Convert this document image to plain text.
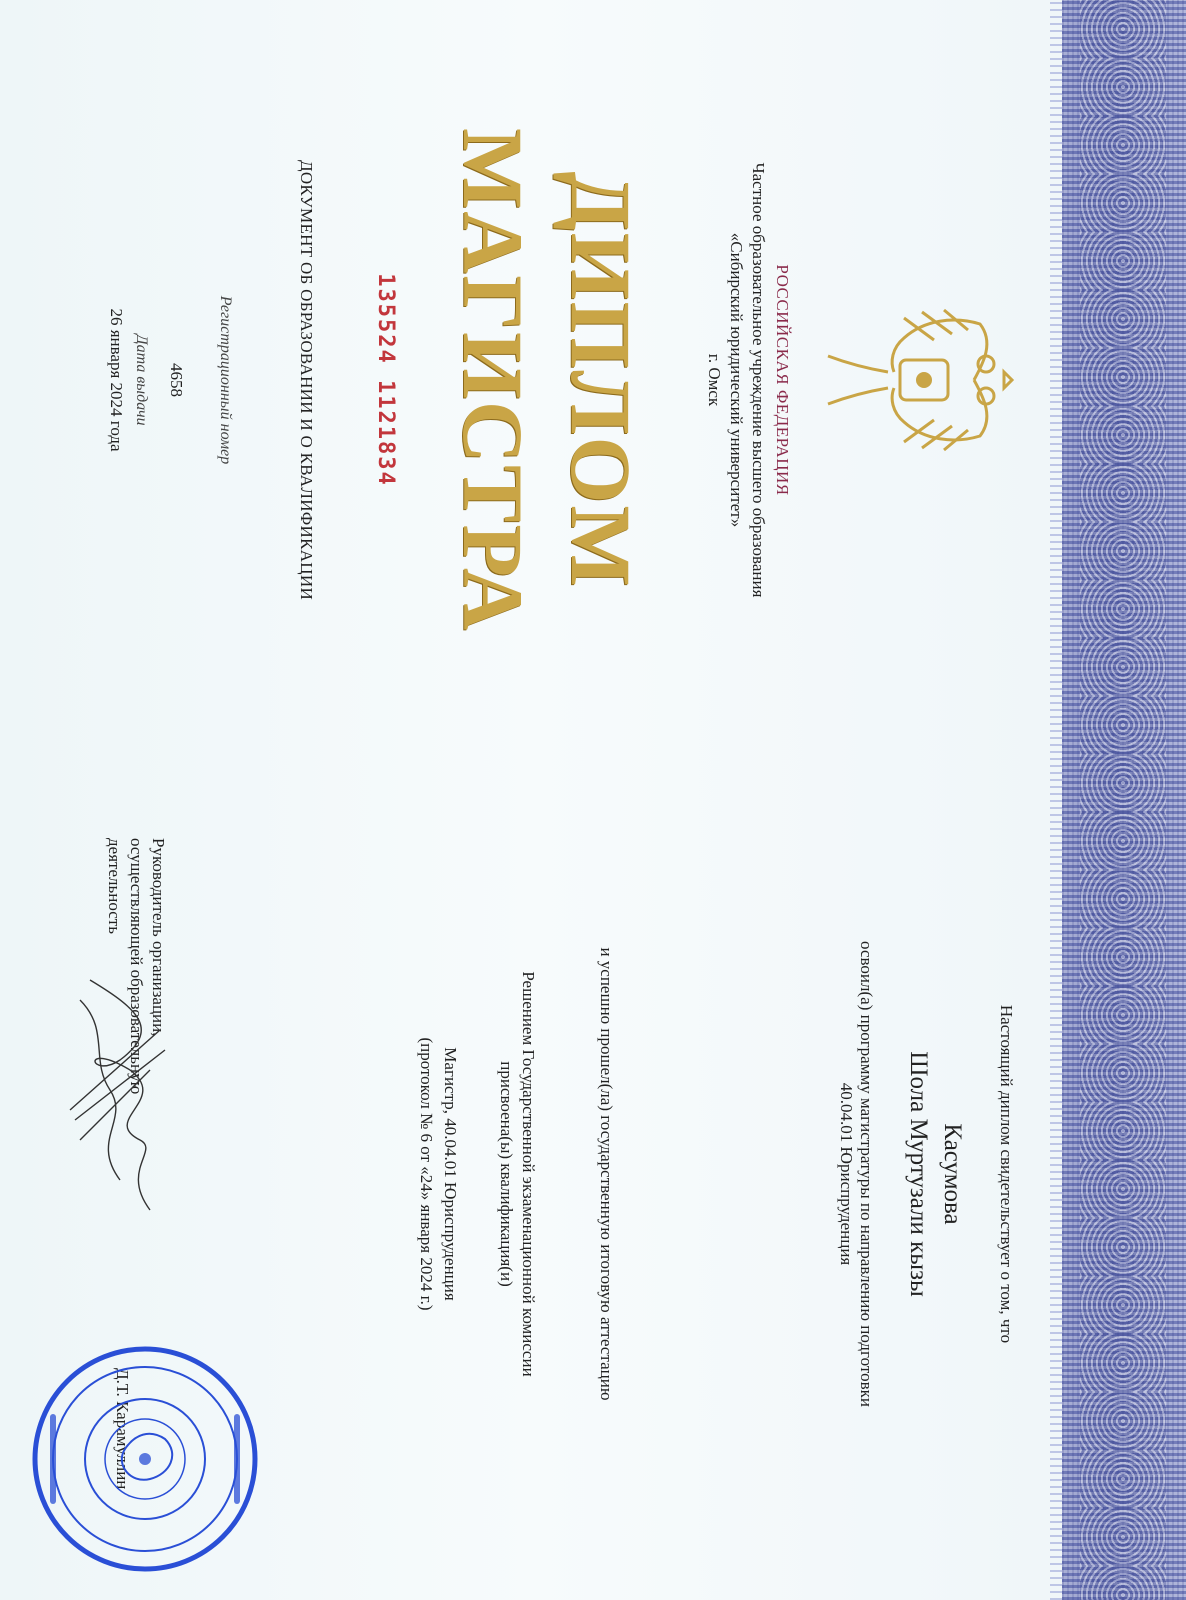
РОССИЙСКАЯ ФЕДЕРАЦИЯ
Частное образовательное учреждение высшего образования
«Сибирский юридический университет»
г. Омск
ДИПЛОМ
МАГИСТРА
135524 1121834
ДОКУМЕНТ ОБ ОБРАЗОВАНИИ И О КВАЛИФИКАЦИИ
Регистрационный номер
4658
Дата выдачи
26 января 2024 года
Настоящий диплом свидетельствует о том, что
Касумова
Шола Муртузали кызы
освоил(а) программу магистратуры по направлению подготовки
40.04.01 Юриспруденция
и успешно прошел(ла) государственную итоговую аттестацию
Решением Государственной экзаменационной комиссии
присвоена(ы) квалификация(и)
Магистр, 40.04.01 Юриспруденция
(протокол № 6 от «24» января 2024 г.)
Руководитель организации,
осуществляющей образовательную
деятельность
Д.Т. Карамуллин
